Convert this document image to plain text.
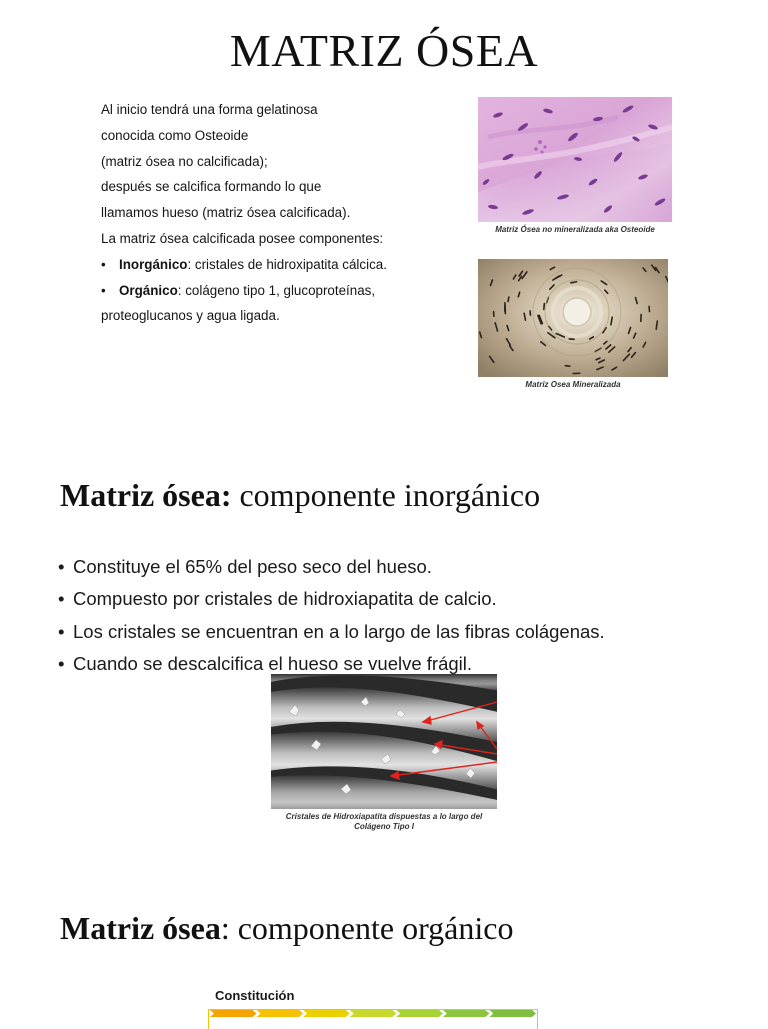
MATRIZ ÓSEA
Al inicio tendrá una forma gelatinosa
conocida como Osteoide
(matriz ósea no calcificada);
después se calcifica formando lo que
llamamos hueso (matriz ósea calcificada).
La matriz ósea calcificada posee componentes:
• Inorgánico: cristales de hidroxipatita cálcica.
• Orgánico: colágeno tipo 1, glucoproteínas,
proteoglucanos y agua ligada.
Matriz Ósea no mineralizada aka Osteoide
Matriz Osea Mineralizada
Matriz ósea: componente inorgánico
• Constituye el 65% del peso seco del hueso.
• Compuesto por cristales de hidroxiapatita de calcio.
• Los cristales se encuentran en a lo largo de las fibras colágenas.
• Cuando se descalcifica el hueso se vuelve frágil.
Cristales de Hidroxiapatita dispuestas a lo largo del
Colágeno Tipo I
Matriz ósea: componente orgánico
Constitución
